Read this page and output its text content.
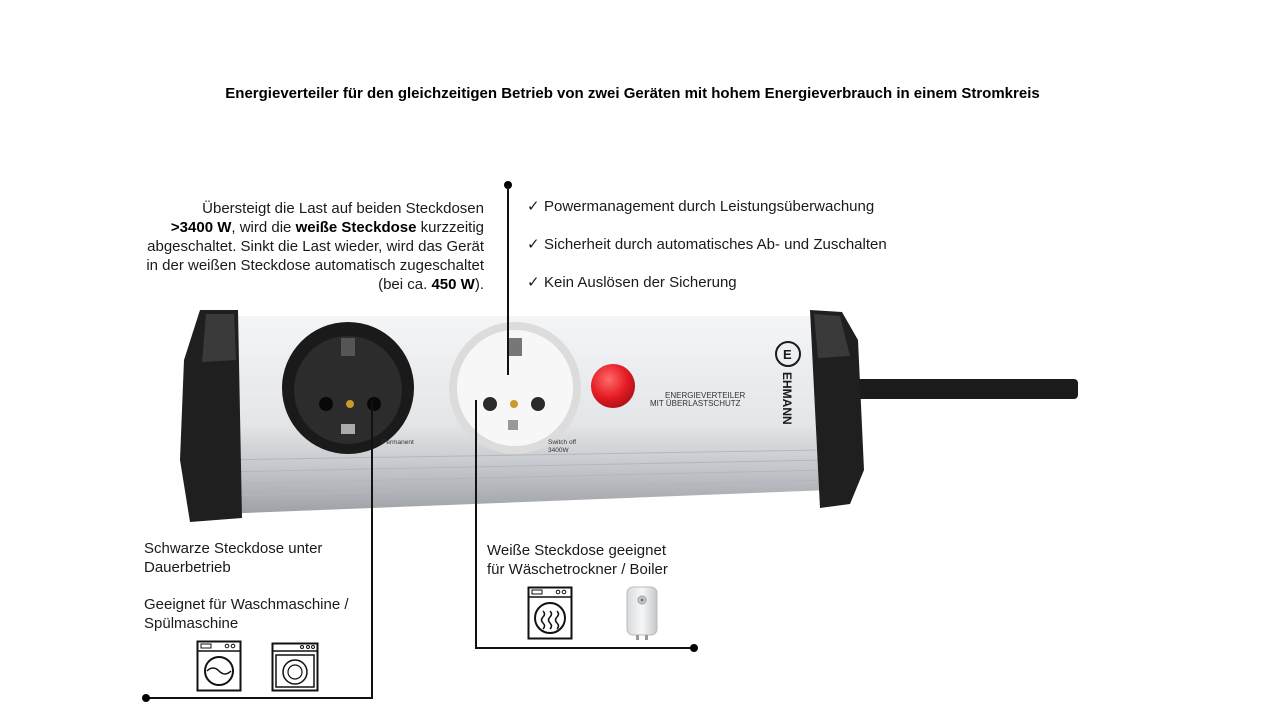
Energieverteiler für den gleichzeitigen Betrieb von zwei Geräten mit hohem Energieverbrauch in einem Stromkreis
Übersteigt die Last auf beiden Steckdosen
>3400 W, wird die weiße Steckdose kurzzeitig abgeschaltet. Sinkt die Last wieder, wird das Gerät in der weißen Steckdose automatisch zugeschaltet (bei ca. 450 W).
✓ Powermanagement durch Leistungsüberwachung
✓ Sicherheit durch automatisches Ab- und Zuschalten
✓ Kein Auslösen der Sicherung
Permanent	Switch off
3400W
ENERGIEVERTEILER
MIT ÜBERLASTSCHUTZ
E
EHMANN
Schwarze Steckdose unter
Dauerbetrieb
Geeignet für Waschmaschine /
Spülmaschine
Weiße Steckdose geeignet
für Wäschetrockner / Boiler
